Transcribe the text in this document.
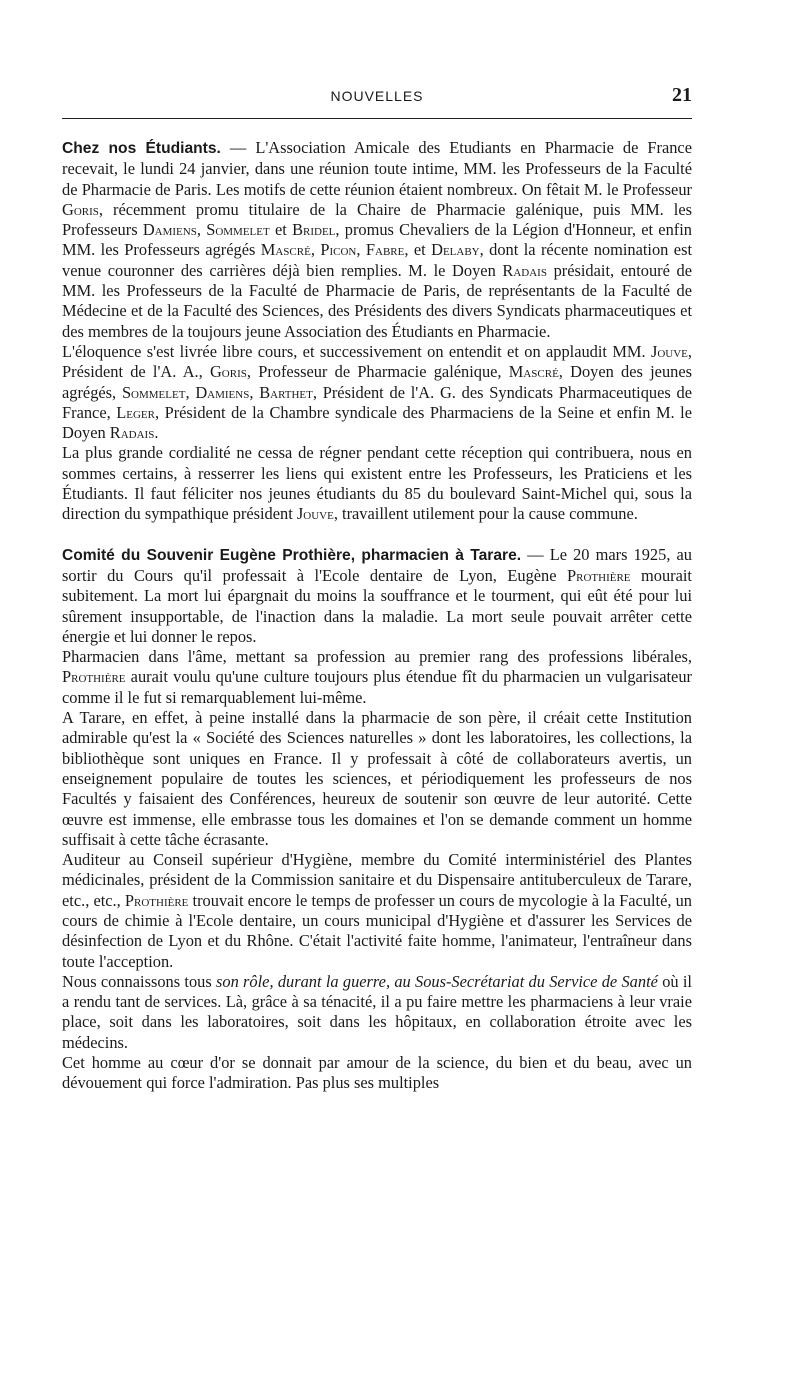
NOUVELLES	21

Chez nos Étudiants. — L'Association Amicale des Etudiants en Pharmacie de France recevait, le lundi 24 janvier, dans une réunion toute intime, MM. les Professeurs de la Faculté de Pharmacie de Paris. Les motifs de cette réunion étaient nombreux. On fêtait M. le Professeur Goris, récemment promu titulaire de la Chaire de Pharmacie galénique, puis MM. les Professeurs Damiens, Sommelet et Bridel, promus Chevaliers de la Légion d'Honneur, et enfin MM. les Professeurs agrégés Mascré, Picon, Fabre, et Delaby, dont la récente nomination est venue couronner des carrières déjà bien remplies. M. le Doyen Radais présidait, entouré de MM. les Professeurs de la Faculté de Pharmacie de Paris, de représentants de la Faculté de Médecine et de la Faculté des Sciences, des Présidents des divers Syndicats pharmaceutiques et des membres de la toujours jeune Association des Étudiants en Pharmacie.

L'éloquence s'est livrée libre cours, et successivement on entendit et on applaudit MM. Jouve, Président de l'A. A., Goris, Professeur de Pharmacie galénique, Mascré, Doyen des jeunes agrégés, Sommelet, Damiens, Barthet, Président de l'A. G. des Syndicats Pharmaceutiques de France, Leger, Président de la Chambre syndicale des Pharmaciens de la Seine et enfin M. le Doyen Radais.

La plus grande cordialité ne cessa de régner pendant cette réception qui contribuera, nous en sommes certains, à resserrer les liens qui existent entre les Professeurs, les Praticiens et les Étudiants. Il faut féliciter nos jeunes étudiants du 85 du boulevard Saint-Michel qui, sous la direction du sympathique président Jouve, travaillent utilement pour la cause commune.

Comité du Souvenir Eugène Prothière, pharmacien à Tarare. — Le 20 mars 1925, au sortir du Cours qu'il professait à l'Ecole dentaire de Lyon, Eugène Prothière mourait subitement. La mort lui épargnait du moins la souffrance et le tourment, qui eût été pour lui sûrement insupportable, de l'inaction dans la maladie. La mort seule pouvait arrêter cette énergie et lui donner le repos.

Pharmacien dans l'âme, mettant sa profession au premier rang des professions libérales, Prothière aurait voulu qu'une culture toujours plus étendue fît du pharmacien un vulgarisateur comme il le fut si remarquablement lui-même.

A Tarare, en effet, à peine installé dans la pharmacie de son père, il créait cette Institution admirable qu'est la « Société des Sciences naturelles » dont les laboratoires, les collections, la bibliothèque sont uniques en France. Il y professait à côté de collaborateurs avertis, un enseignement populaire de toutes les sciences, et périodiquement les professeurs de nos Facultés y faisaient des Conférences, heureux de soutenir son œuvre de leur autorité. Cette œuvre est immense, elle embrasse tous les domaines et l'on se demande comment un homme suffisait à cette tâche écrasante.

Auditeur au Conseil supérieur d'Hygiène, membre du Comité interministériel des Plantes médicinales, président de la Commission sanitaire et du Dispensaire antituberculeux de Tarare, etc., etc., Prothière trouvait encore le temps de professer un cours de mycologie à la Faculté, un cours de chimie à l'Ecole dentaire, un cours municipal d'Hygiène et d'assurer les Services de désinfection de Lyon et du Rhône. C'était l'activité faite homme, l'animateur, l'entraîneur dans toute l'acception.

Nous connaissons tous son rôle, durant la guerre, au Sous-Secrétariat du Service de Santé où il a rendu tant de services. Là, grâce à sa ténacité, il a pu faire mettre les pharmaciens à leur vraie place, soit dans les laboratoires, soit dans les hôpitaux, en collaboration étroite avec les médecins.

Cet homme au cœur d'or se donnait par amour de la science, du bien et du beau, avec un dévouement qui force l'admiration. Pas plus ses multiples
